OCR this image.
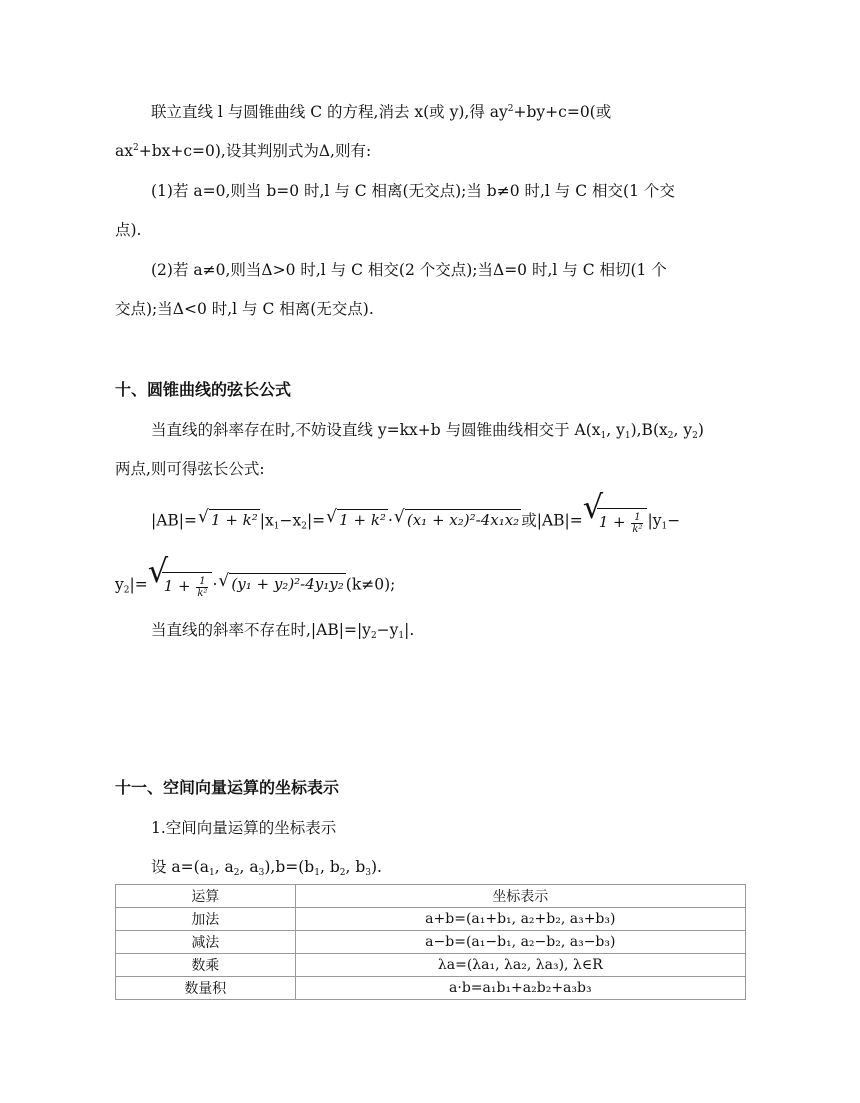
联立直线 l 与圆锥曲线 C 的方程,消去 x(或 y),得 $ay^2+by+c=0$(或
$ax^2+bx+c=0$),设其判别式为Δ,则有:
(1)若 a=0,则当 b=0 时,l 与 C 相离(无交点);当 b≠0 时,l 与 C 相交(1 个交
点).
(2)若 a≠0,则当Δ>0 时,l 与 C 相交(2 个交点);当Δ=0 时,l 与 C 相切(1 个
交点);当Δ<0 时,l 与 C 相离(无交点).
十、圆锥曲线的弦长公式
当直线的斜率存在时,不妨设直线 y=kx+b 与圆锥曲线相交于 $A(x_1$, $y_1),B(x_2$, $y_2$)
两点,则可得弦长公式:
|AB|= √ 1 + k² $|x_1-x_2|=$ √ 1 + k² · √ (x₁ + x₂)²-4x₁x₂ 或|AB|= √ $1 + \frac{1}{\text{k²}} |y_1-$
$y_2|=$ √ $1 + \frac{1}{\text{k²}}$ · √ (y₁ + y₂)²-4y₁y₂ (k≠0);
当直线的斜率不存在时$,|AB|=|y_2-y_1|$.
十一、空间向量运算的坐标表示
1.空间向量运算的坐标表示
设 $a=(a_1$, $a_2$, $a_3),b=(b_1$, $b_2$, $b_3$).
运算	坐标表示
加法	a+b=(a₁+b₁, a₂+b₂, a₃+b₃)
减法	a−b=(a₁−b₁, a₂−b₂, a₃−b₃)
数乘	λa=(λa₁, λa₂, λa₃), λ∈R
数量积	a·b=a₁b₁+a₂b₂+a₃b₃
